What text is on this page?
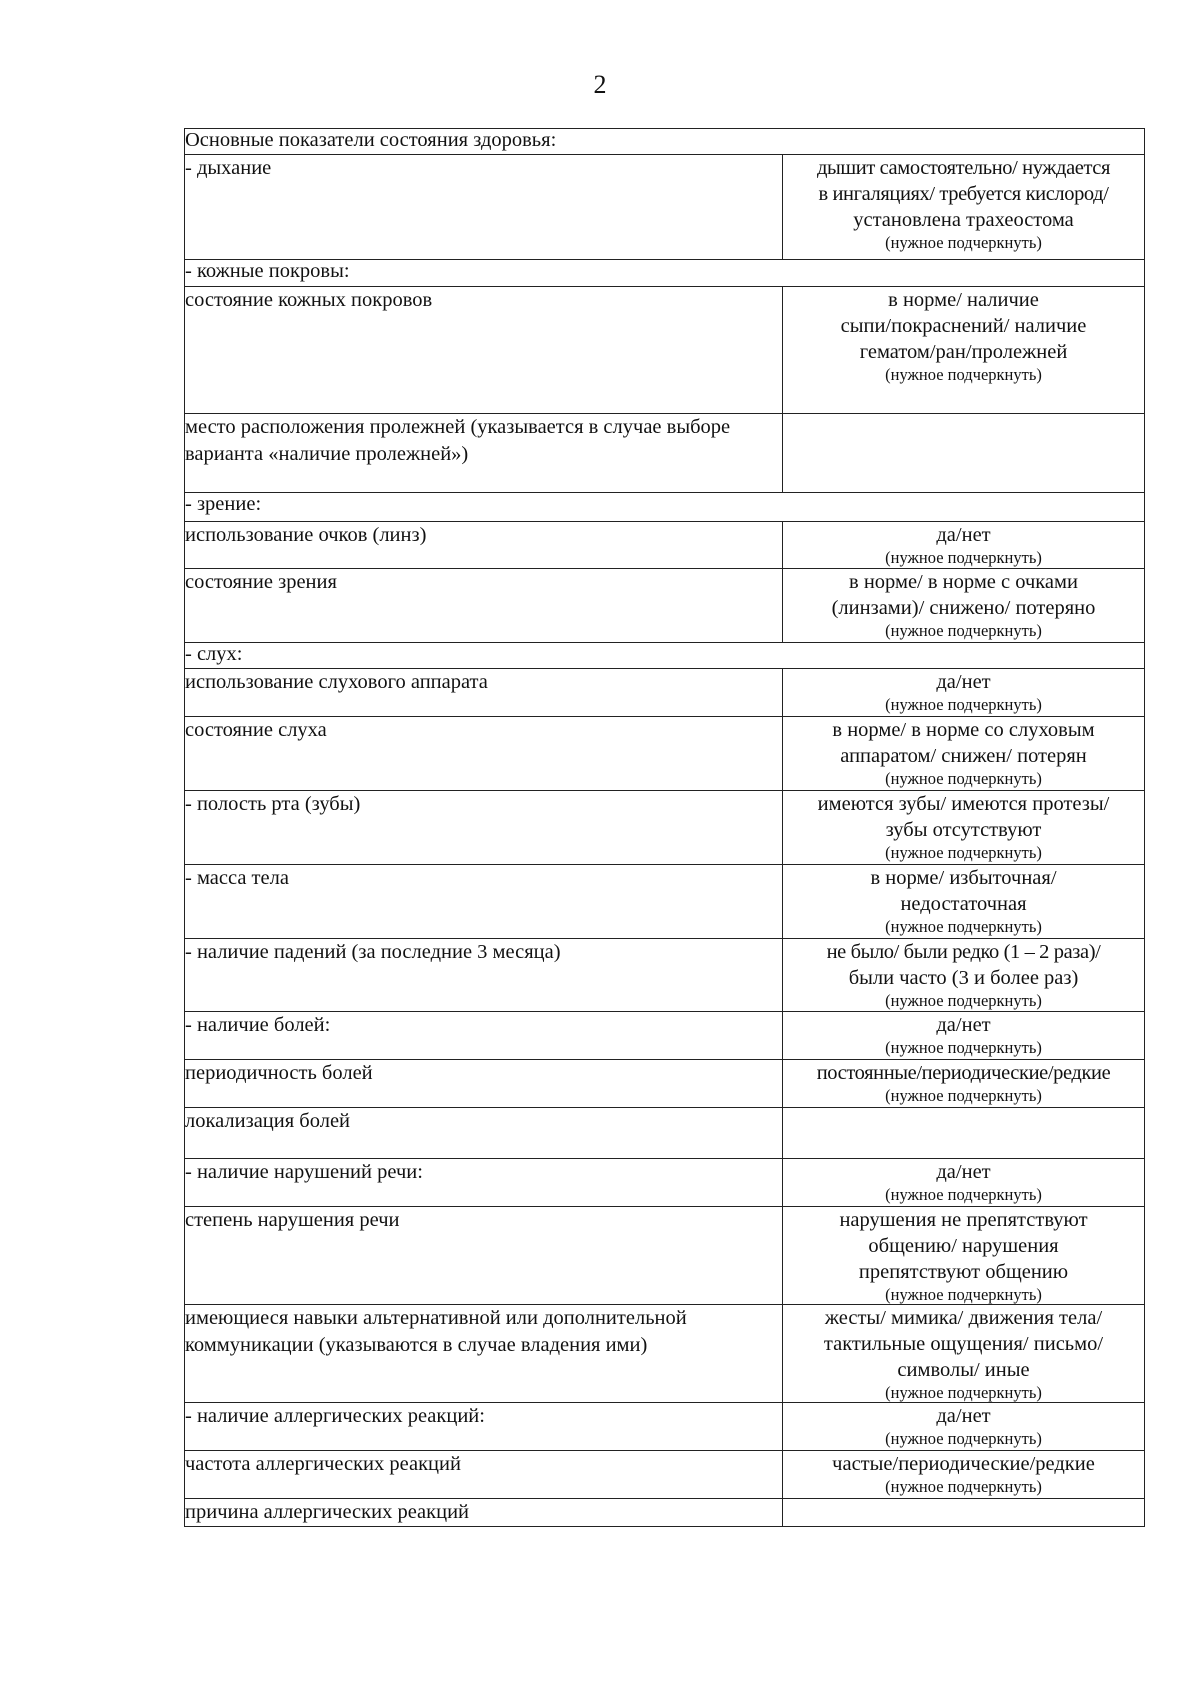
2
Основные показатели состояния здоровья:	
- дыхание	дышит самостоятельно/ нуждается
в ингаляциях/ требуется кислород/
установлена трахеостома
(нужное подчеркнуть)

- кожные покровы:	
состояние кожных покровов	в норме/ наличие
сыпи/покраснений/ наличие
гематом/ран/пролежней
(нужное подчеркнуть)

место расположения пролежней (указывается в случае выборе варианта «наличие пролежней»)	
- зрение:	
использование очков (линз)	да/нет
(нужное подчеркнуть)

состояние зрения	в норме/ в норме с очками
(линзами)/ снижено/ потеряно
(нужное подчеркнуть)

- слух:	
использование слухового аппарата	да/нет
(нужное подчеркнуть)

состояние слуха	в норме/ в норме со слуховым
аппаратом/ снижен/ потерян
(нужное подчеркнуть)

- полость рта (зубы)	имеются зубы/ имеются протезы/
зубы отсутствуют
(нужное подчеркнуть)

- масса тела	в норме/ избыточная/
недостаточная
(нужное подчеркнуть)

- наличие падений (за последние 3 месяца)	не было/ были редко (1 – 2 раза)/
были часто (3 и более раз)
(нужное подчеркнуть)

- наличие болей:	да/нет
(нужное подчеркнуть)

периодичность болей	постоянные/периодические/редкие
(нужное подчеркнуть)

локализация болей	
- наличие нарушений речи:	да/нет
(нужное подчеркнуть)

степень нарушения речи	нарушения не препятствуют
общению/ нарушения
препятствуют общению
(нужное подчеркнуть)

имеющиеся навыки альтернативной или дополнительной коммуникации (указываются в случае владения ими)	жесты/ мимика/ движения тела/
тактильные ощущения/ письмо/
символы/ иные
(нужное подчеркнуть)

- наличие аллергических реакций:	да/нет
(нужное подчеркнуть)

частота аллергических реакций	частые/периодические/редкие
(нужное подчеркнуть)

причина аллергических реакций	
